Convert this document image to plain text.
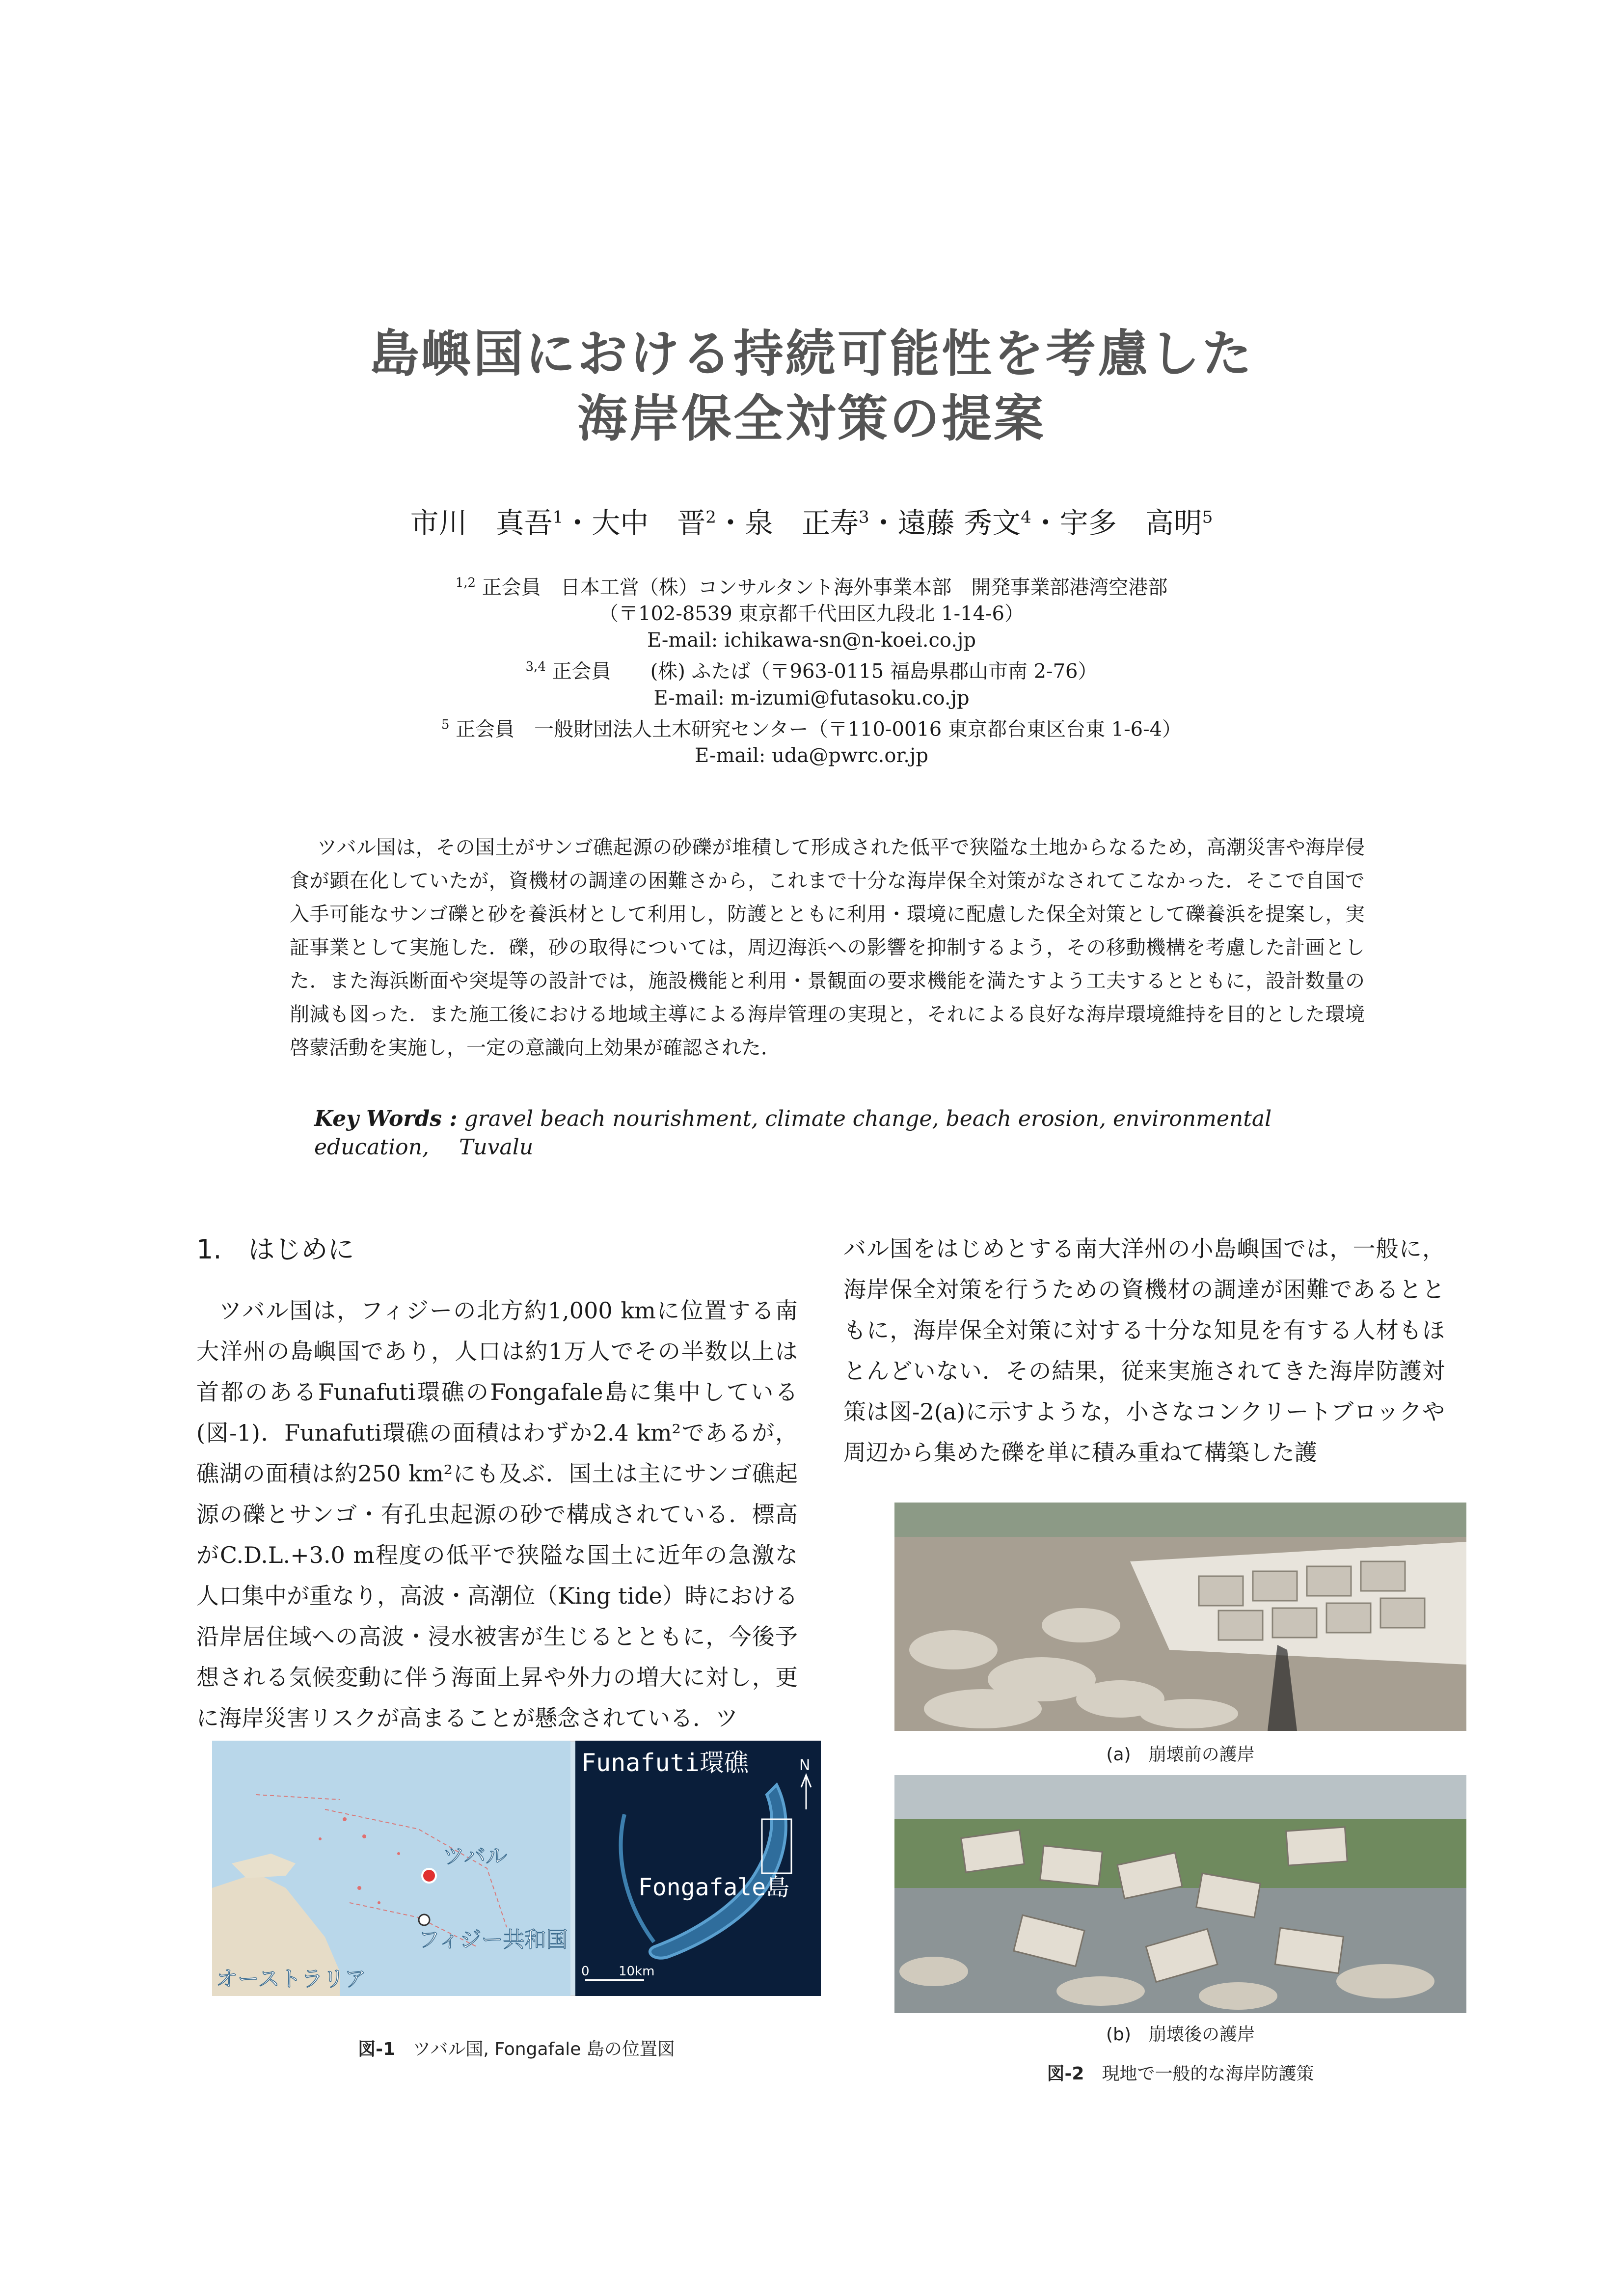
島嶼国における持続可能性を考慮した
海岸保全対策の提案
市川　真吾$^1$・大中　晋$^2$・泉　正寿$^3$・遠藤 秀文$^4$・宇多　高明$^5$
$^{1,2}$ 正会員　日本工営（株）コンサルタント海外事業本部　開発事業部港湾空港部
（〒102-8539 東京都千代田区九段北 1-14-6）
E-mail: ichikawa-sn@n-koei.co.jp
$^{3,4}$ 正会員　　(株) ふたば（〒963-0115 福島県郡山市南 2-76）
E-mail: m-izumi@futasoku.co.jp
$^5$ 正会員　一般財団法人土木研究センター（〒110-0016 東京都台東区台東 1-6-4）
E-mail: uda@pwrc.or.jp
ツバル国は，その国土がサンゴ礁起源の砂礫が堆積して形成された低平で狭隘な土地からなるため，高潮災害や海岸侵食が顕在化していたが，資機材の調達の困難さから，これまで十分な海岸保全対策がなされてこなかった．そこで自国で入手可能なサンゴ礫と砂を養浜材として利用し，防護とともに利用・環境に配慮した保全対策として礫養浜を提案し，実証事業として実施した．礫，砂の取得については，周辺海浜への影響を抑制するよう，その移動機構を考慮した計画とした．また海浜断面や突堤等の設計では，施設機能と利用・景観面の要求機能を満たすよう工夫するとともに，設計数量の削減も図った．また施工後における地域主導による海岸管理の実現と，それによる良好な海岸環境維持を目的とした環境啓蒙活動を実施し，一定の意識向上効果が確認された．
Key Words : gravel beach nourishment, climate change, beach erosion, environmental education,	Tuvalu
1.　はじめに
ツバル国は，フィジーの北方約1,000 kmに位置する南大洋州の島嶼国であり，人口は約1万人でその半数以上は首都のあるFunafuti環礁のFongafale島に集中している(図-1)．Funafuti環礁の面積はわずか2.4 km²であるが，礁湖の面積は約250 km²にも及ぶ．国土は主にサンゴ礁起源の礫とサンゴ・有孔虫起源の砂で構成されている．標高がC.D.L.+3.0 m程度の低平で狭隘な国土に近年の急激な人口集中が重なり，高波・高潮位（King tide）時における沿岸居住域への高波・浸水被害が生じるとともに，今後予想される気候変動に伴う海面上昇や外力の増大に対し，更に海岸災害リスクが高まることが懸念されている．ツ
バル国をはじめとする南大洋州の小島嶼国では，一般に，海岸保全対策を行うための資機材の調達が困難であるとともに，海岸保全対策に対する十分な知見を有する人材もほとんどいない．その結果，従来実施されてきた海岸防護対策は図-2(a)に示すような，小さなコンクリートブロックや周辺から集めた礫を単に積み重ねて構築した護
ツバル
フィジー共和国
オーストラリア
Funafuti環礁
Fongafale島
N
0 10km
図-1　 ツバル国, Fongafale 島の位置図
(a)　崩壊前の護岸
(b)　崩壊後の護岸
図-2　 現地で一般的な海岸防護策
